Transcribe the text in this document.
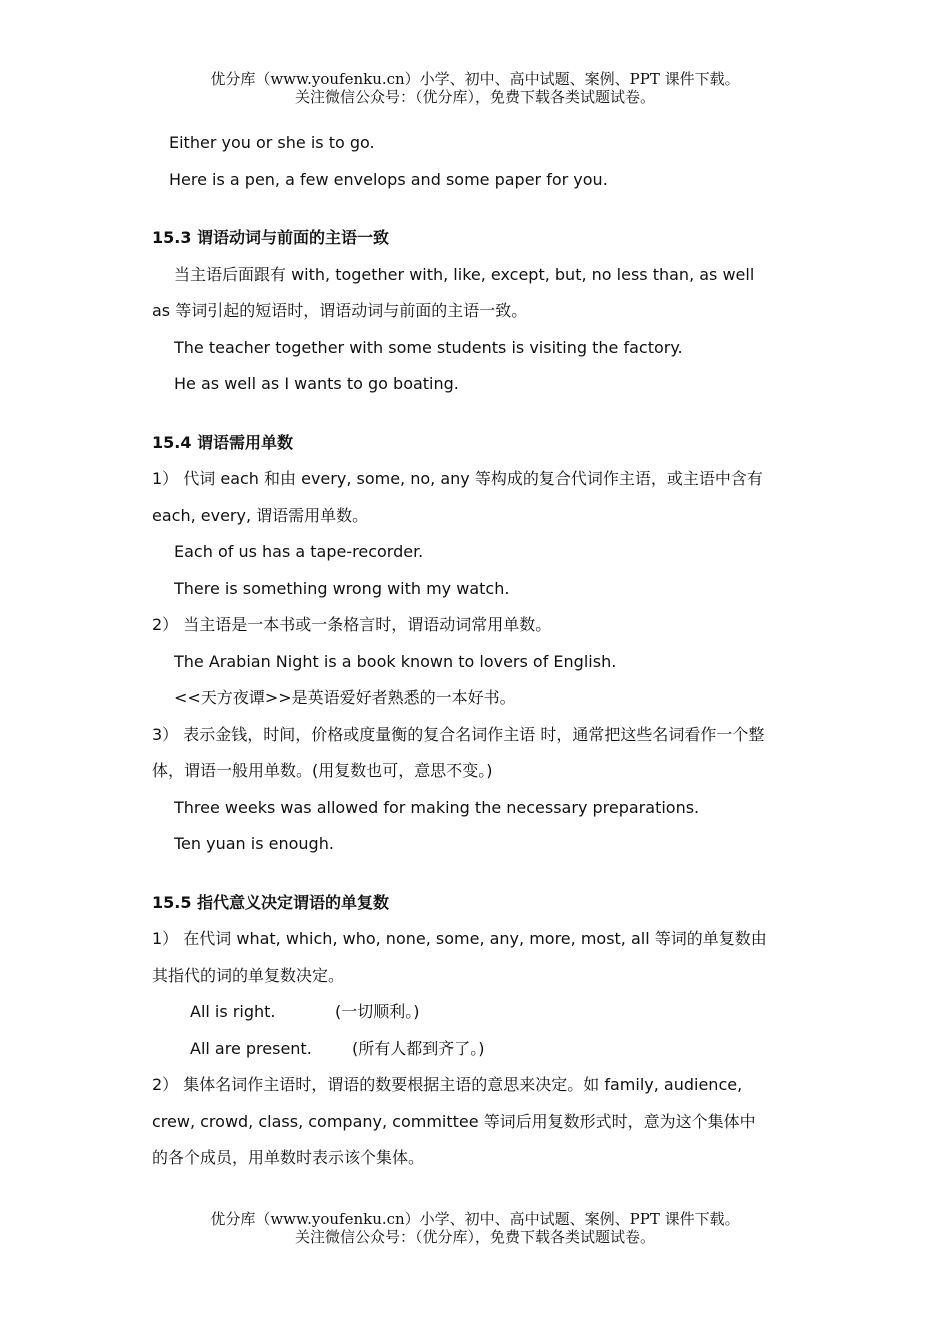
优分库（www.youfenku.cn）小学、初中、高中试题、案例、PPT 课件下载。
关注微信公众号：（优分库），免费下载各类试题试卷。
Either you or she is to go.
Here is a pen, a few envelops and some paper for you.
15.3 谓语动词与前面的主语一致
当主语后面跟有 with, together with, like, except, but, no less than, as well
as 等词引起的短语时，谓语动词与前面的主语一致。
The teacher together with some students is visiting the factory.
He as well as I wants to go boating.
15.4 谓语需用单数
1） 代词 each 和由 every, some, no, any 等构成的复合代词作主语，或主语中含有
each, every, 谓语需用单数。
Each of us has a tape-recorder.
There is something wrong with my watch.
2） 当主语是一本书或一条格言时，谓语动词常用单数。
The Arabian Night is a book known to lovers of English.
<<天方夜谭>>是英语爱好者熟悉的一本好书。
3） 表示金钱，时间，价格或度量衡的复合名词作主语 时，通常把这些名词看作一个整
体，谓语一般用单数。(用复数也可，意思不变。)
Three weeks was allowed for making the necessary preparations.
Ten yuan is enough.
15.5 指代意义决定谓语的单复数
1） 在代词 what, which, who, none, some, any, more, most, all 等词的单复数由
其指代的词的单复数决定。
All is right.	(一切顺利。)
All are present.	(所有人都到齐了。)
2） 集体名词作主语时，谓语的数要根据主语的意思来决定。如 family, audience,
crew, crowd, class, company, committee 等词后用复数形式时，意为这个集体中
的各个成员，用单数时表示该个集体。
优分库（www.youfenku.cn）小学、初中、高中试题、案例、PPT 课件下载。
关注微信公众号：（优分库），免费下载各类试题试卷。
